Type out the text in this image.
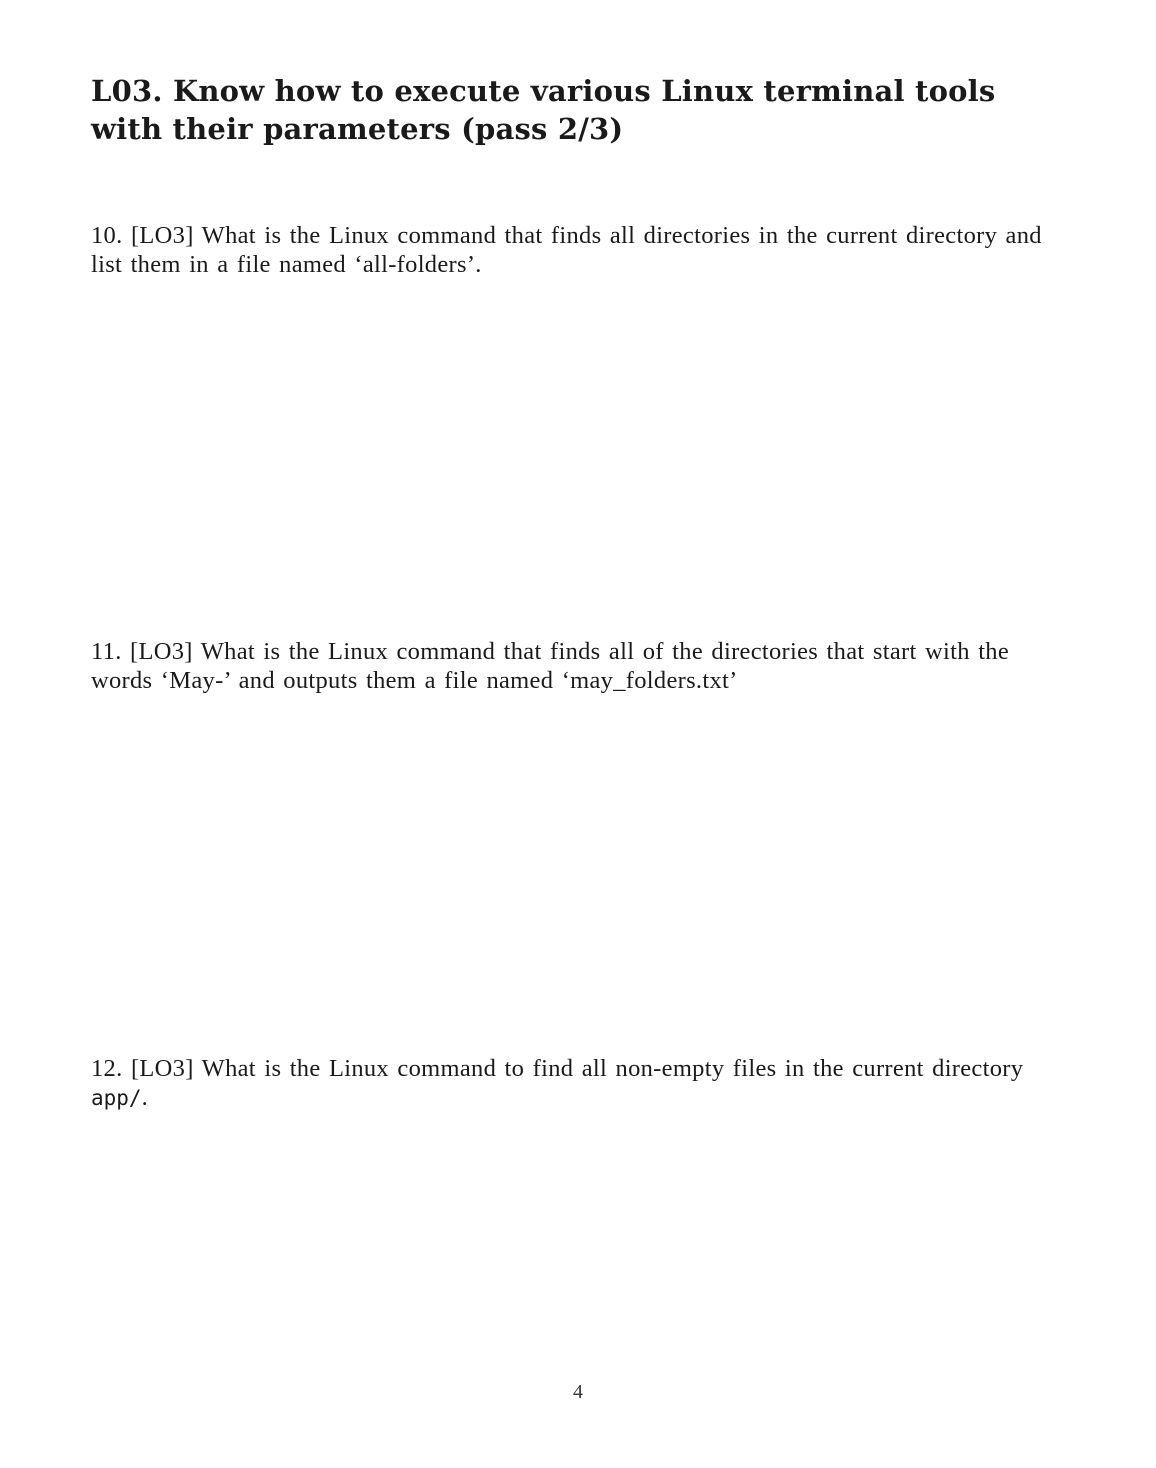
L03. Know how to execute various Linux terminal tools with their parameters (pass 2/3)

10. [LO3] What is the Linux command that finds all directories in the current directory and list them in a file named ‘all-folders’.

11. [LO3] What is the Linux command that finds all of the directories that start with the words ‘May-’ and outputs them a file named ‘may_folders.txt’

12. [LO3] What is the Linux command to find all non-empty files in the current directory app/.

4
